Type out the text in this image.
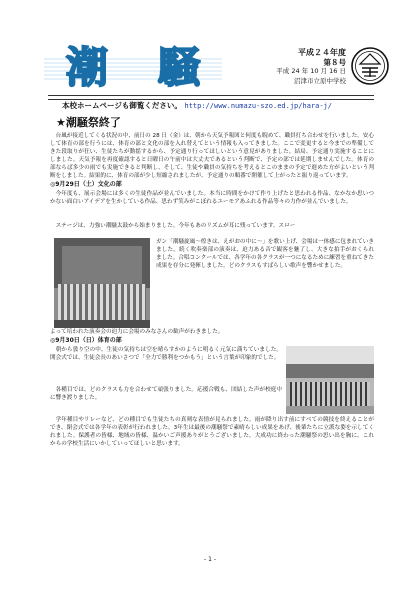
潮	騒	平成２４年度
第８号
平成 24 年 10 月 16 日
沼津市立原中学校
本校ホームページも御覧ください。 http://www.numazu-szo.ed.jp/hara-j/
★潮騒祭終了

台風が接近してくる状況の中、前日の 28 日（金）は、朝から天気予報図と何度も睨めて、職員打ち合わせを行いました。安心して体育の部を行うには、体育の部と文化の部を入れ替えてという情報も入ってきました。ここで変更すると今までの準備してきた段取りが狂い、生徒たちが動揺するから、予定通り行ってほしいという意見がありました。結局、予定通り実施することにしました。天気予報を再度確認すると日曜日の午前中は大丈夫であるという判断で、予定の部では延期しませんでした。体育の部ならば多少の雨でも実施できると判断し、そして、生徒や職員の気持ちを考えるとこのままの予定で進めた方がよいという判断をしました。結果的に、体育の部が少し短縮されましたが、予定通りの順番で開催して上がったと振り返っています。

◎9月29日（土）文化の部

今年度も、展示会場には多くの生徒作品が並んでいました。本当に時間をかけて作り上げたと思われる作品、なかなか思いつかない面白いアイデアを生かしている作品、思わず笑みがこぼれるユーモアあふれる作品等々の力作が並んでいました。

ステージは、力強い潮騒太鼓から始まりました。今年もあのリズムが耳に残っています。スロー

ガン「潮騒旋風～煌きは、えがおの中に～」を歌い上げ、会場は一体感に包まれていきました。続く吹奏楽部の演奏は、迫力ある音で観客を魅了し、大きな拍手がおくられました。合唱コンクールでは、各学年の各クラスが一つになるために練習を重ねてきた成果を存分に発揮しました。どのクラスもすばらしい歌声を響かせました。

よって培われた演奏会の迫力に会場のみなさんの歓声がわきました。

◎9月30日（日）体育の部

朝から曇り空の中、生徒の気持ちは空を晴らすかのように明るく元気に満ちていました。開会式では、生徒会長のあいさつで「全力で勝利をつかもう」という言葉が印象的でした。

各種目では、どのクラスも力を合わせて頑張りました。応援合戦も、団結した声が校庭中に響き渡りました。

学年種目やリレーなど、どの種目でも生徒たちの真剣な表情が見られました。雨が降り出す前にすべての競技を終えることができ、閉会式では各学年の表彰が行われました。3年生は最後の潮騒祭で素晴らしい成果をあげ、後輩たちに立派な姿を示してくれました。保護者の皆様、地域の皆様、温かいご声援ありがとうございました。大成功に終わった潮騒祭の思い出を胸に、これからの学校生活にいかしていってほしいと思います。

- 1 -
